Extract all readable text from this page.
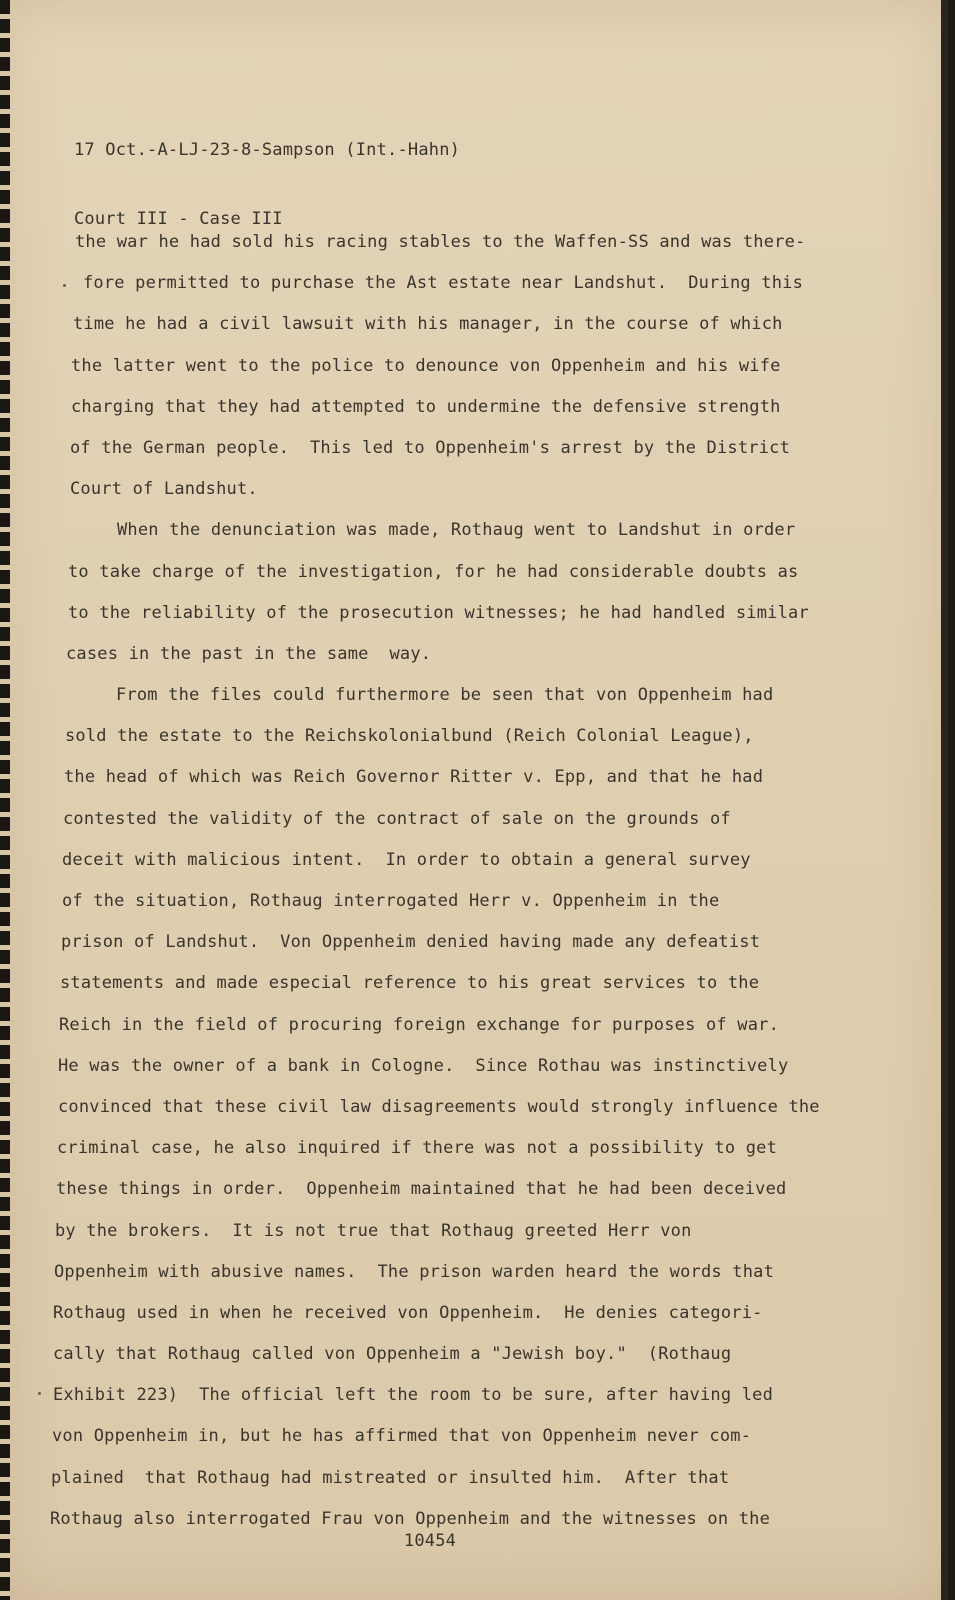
17 Oct.-A-LJ-23-8-Sampson (Int.-Hahn)

Court III - Case III

the war he had sold his racing stables to the Waffen-SS and was there-
fore permitted to purchase the Ast estate near Landshut.  During this
time he had a civil lawsuit with his manager, in the course of which
the latter went to the police to denounce von Oppenheim and his wife
charging that they had attempted to undermine the defensive strength
of the German people.  This led to Oppenheim's arrest by the District
Court of Landshut.
When the denunciation was made, Rothaug went to Landshut in order
to take charge of the investigation, for he had considerable doubts as
to the reliability of the prosecution witnesses; he had handled similar
cases in the past in the same  way.
From the files could furthermore be seen that von Oppenheim had
sold the estate to the Reichskolonialbund (Reich Colonial League),
the head of which was Reich Governor Ritter v. Epp, and that he had
contested the validity of the contract of sale on the grounds of
deceit with malicious intent.  In order to obtain a general survey
of the situation, Rothaug interrogated Herr v. Oppenheim in the
prison of Landshut.  Von Oppenheim denied having made any defeatist
statements and made especial reference to his great services to the
Reich in the field of procuring foreign exchange for purposes of war.
He was the owner of a bank in Cologne.  Since Rothau was instinctively
convinced that these civil law disagreements would strongly influence the
criminal case, he also inquired if there was not a possibility to get
these things in order.  Oppenheim maintained that he had been deceived
by the brokers.  It is not true that Rothaug greeted Herr von
Oppenheim with abusive names.  The prison warden heard the words that
Rothaug used in when he received von Oppenheim.  He denies categori-
cally that Rothaug called von Oppenheim a "Jewish boy."  (Rothaug
Exhibit 223)  The official left the room to be sure, after having led
von Oppenheim in, but he has affirmed that von Oppenheim never com-
plained  that Rothaug had mistreated or insulted him.  After that
Rothaug also interrogated Frau von Oppenheim and the witnesses on the
10454
